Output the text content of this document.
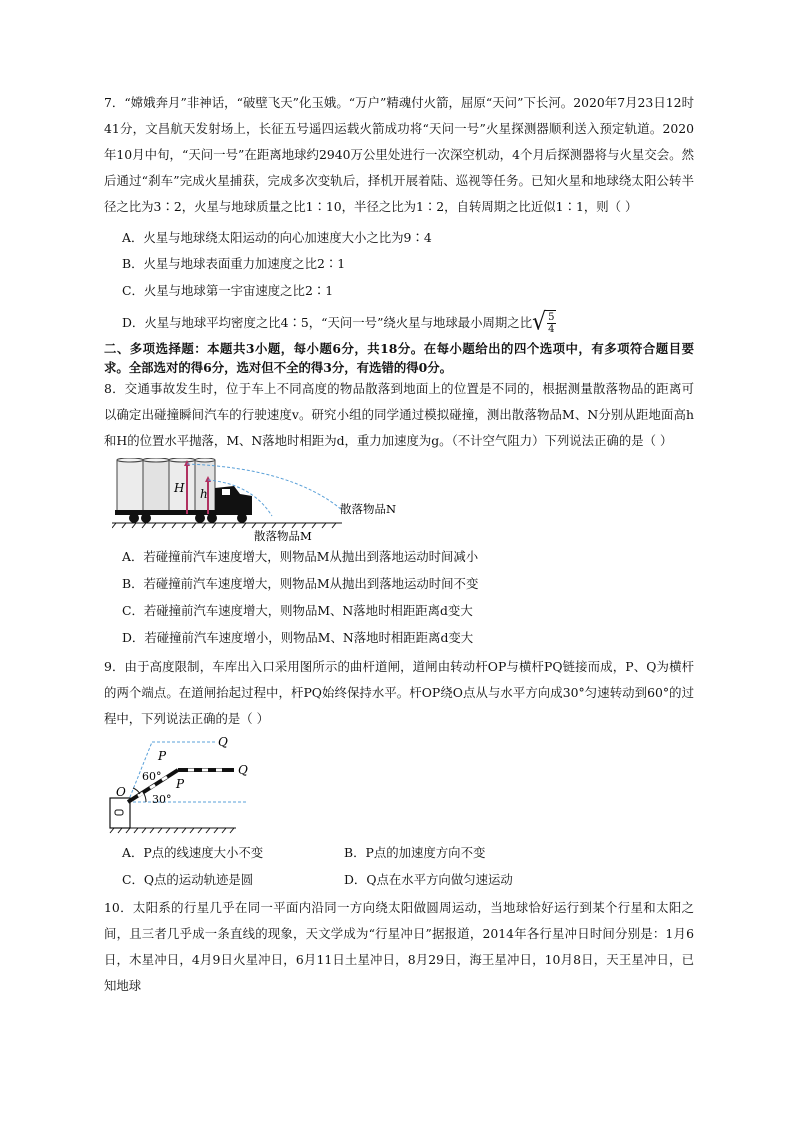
7．“嫦娥奔月”非神话，“破壁飞天”化玉娥。“万户”精魂付火箭，屈原“天问”下长河。2020年7月23日12时41分，文昌航天发射场上，长征五号遥四运载火箭成功将“天问一号”火星探测器顺利送入预定轨道。2020年10月中旬，“天问一号”在距离地球约2940万公里处进行一次深空机动，4个月后探测器将与火星交会。然后通过“刹车”完成火星捕获，完成多次变轨后，择机开展着陆、巡视等任务。已知火星和地球绕太阳公转半径之比为3∶2，火星与地球质量之比1∶10，半径之比为1∶2，自转周期之比近似1∶1，则（ ）

A．火星与地球绕太阳运动的向心加速度大小之比为9∶4
B．火星与地球表面重力加速度之比2∶1
C．火星与地球第一宇宙速度之比2∶1
D．火星与地球平均密度之比4∶5，“天问一号”绕火星与地球最小周期之比 √ $\frac{5}{4}$

二、多项选择题：本题共3小题，每小题6分，共18分。在每小题给出的四个选项中，有多项符合题目要求。全部选对的得6分，选对但不全的得3分，有选错的得0分。

8．交通事故发生时，位于车上不同高度的物品散落到地面上的位置是不同的，根据测量散落物品的距离可以确定出碰撞瞬间汽车的行驶速度v。研究小组的同学通过模拟碰撞，测出散落物品M、N分别从距地面高h和H的位置水平抛落，M、N落地时相距为d，重力加速度为g。（不计空气阻力）下列说法正确的是（ ）

H h
散落物品N
散落物品M
A．若碰撞前汽车速度增大，则物品M从抛出到落地运动时间减小
B．若碰撞前汽车速度增大，则物品M从抛出到落地运动时间不变
C．若碰撞前汽车速度增大，则物品M、N落地时相距距离d变大
D．若碰撞前汽车速度增小，则物品M、N落地时相距距离d变大

9．由于高度限制，车库出入口采用图所示的曲杆道闸，道闸由转动杆OP与横杆PQ链接而成，P、Q为横杆的两个端点。在道闸抬起过程中，杆PQ始终保持水平。杆OP绕O点从与水平方向成30°匀速转动到60°的过程中，下列说法正确的是（ ）

Q
P
60°	Q
P
O
30°
A．P点的线速度大小不变	B．P点的加速度方向不变
C．Q点的运动轨迹是圆	D．Q点在水平方向做匀速运动

10．太阳系的行星几乎在同一平面内沿同一方向绕太阳做圆周运动，当地球恰好运行到某个行星和太阳之间，且三者几乎成一条直线的现象，天文学成为“行星冲日”据报道，2014年各行星冲日时间分别是：1月6日，木星冲日，4月9日火星冲日，6月11日土星冲日，8月29日，海王星冲日，10月8日，天王星冲日，已知地球
